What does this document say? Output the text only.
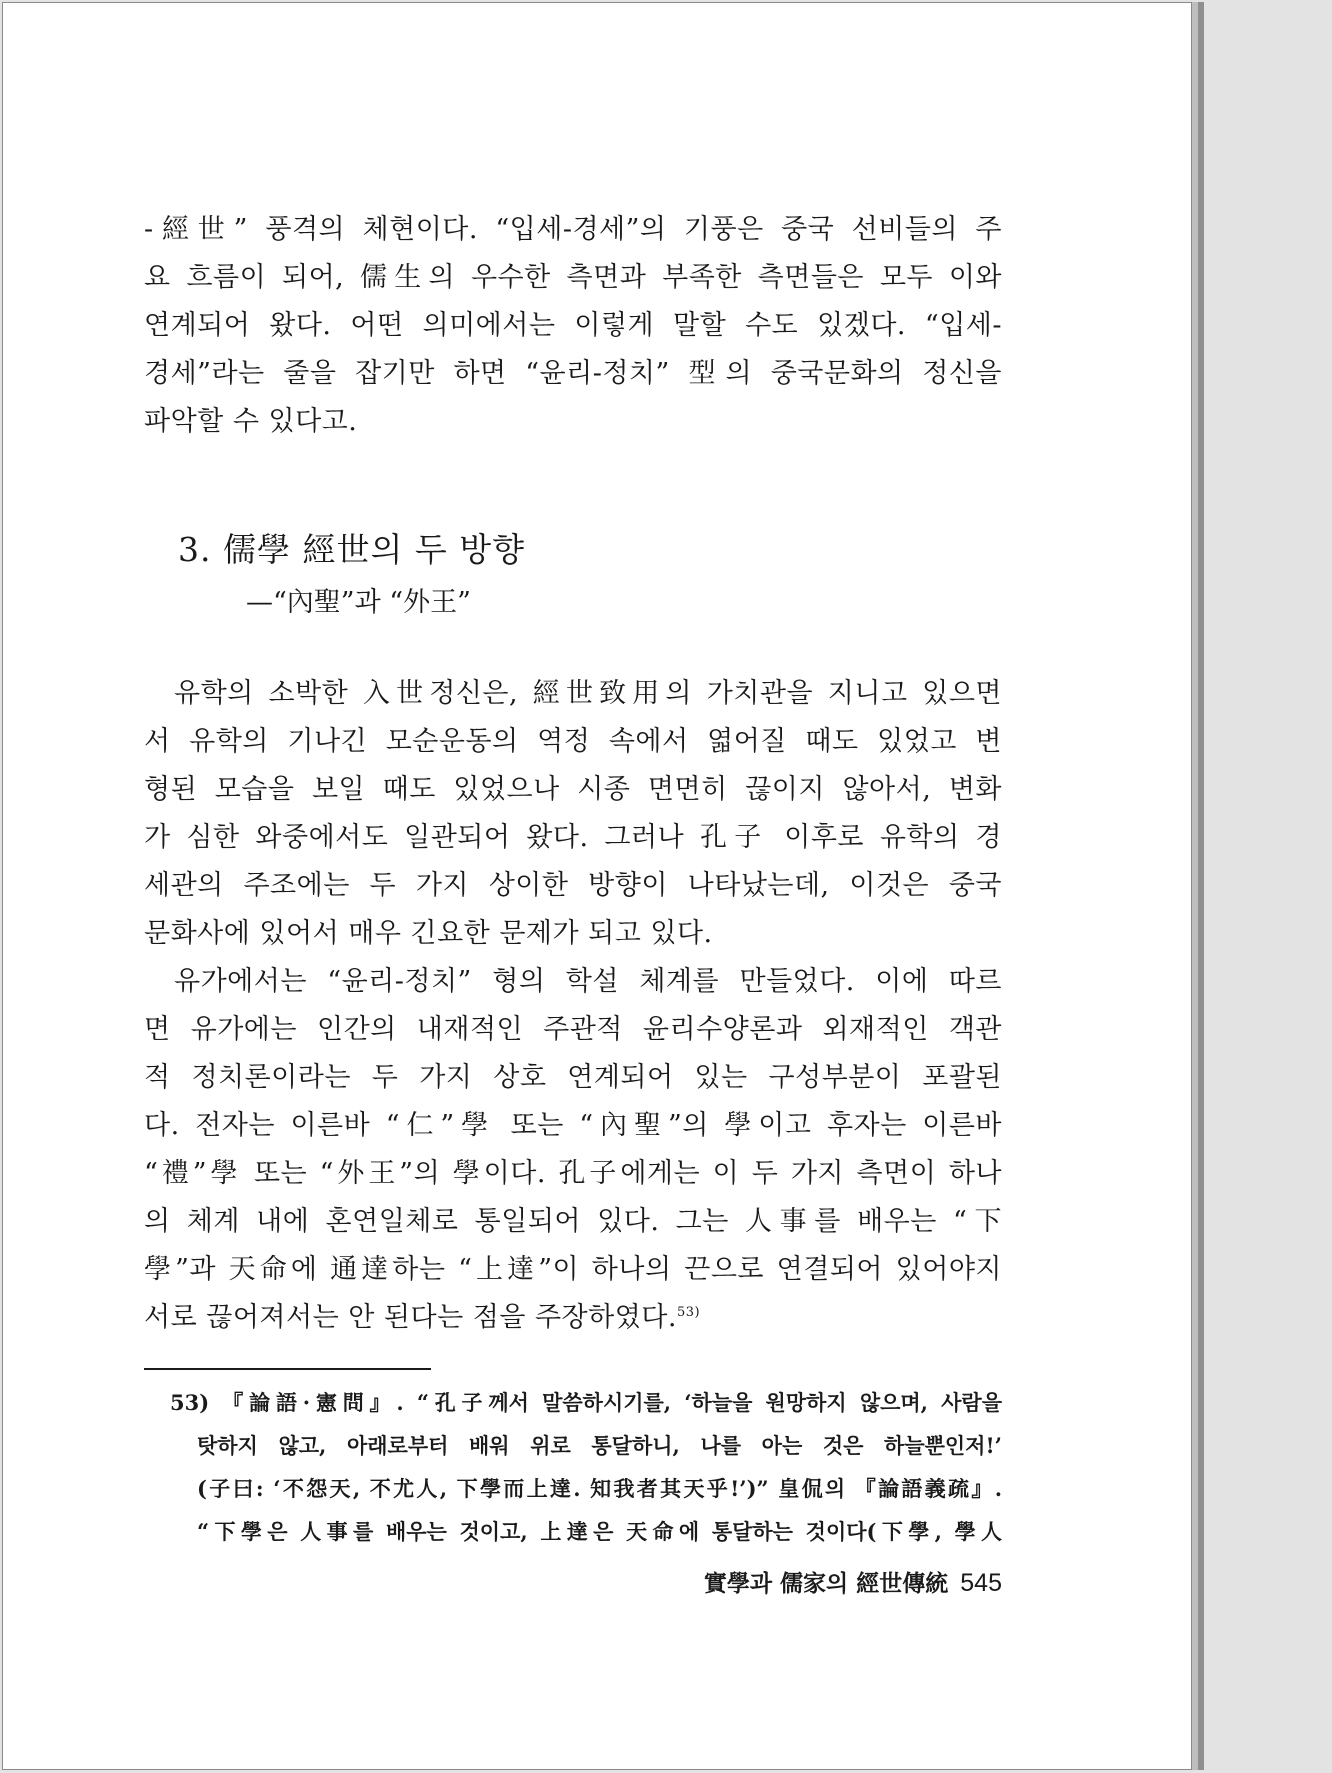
-經世” 풍격의 체현이다. “입세-경세”의 기풍은 중국 선비들의 주
요 흐름이 되어, 儒生의 우수한 측면과 부족한 측면들은 모두 이와
연계되어 왔다. 어떤 의미에서는 이렇게 말할 수도 있겠다. “입세-
경세”라는 줄을 잡기만 하면 “윤리-정치” 型의 중국문화의 정신을
파악할 수 있다고.
3. 儒學 經世의 두 방향
—“內聖”과 “外王”
유학의 소박한 入世정신은, 經世致用의 가치관을 지니고 있으면
서 유학의 기나긴 모순운동의 역정 속에서 엷어질 때도 있었고 변
형된 모습을 보일 때도 있었으나 시종 면면히 끊이지 않아서, 변화
가 심한 와중에서도 일관되어 왔다. 그러나 孔子 이후로 유학의 경
세관의 주조에는 두 가지 상이한 방향이 나타났는데, 이것은 중국
문화사에 있어서 매우 긴요한 문제가 되고 있다.
유가에서는 “윤리-정치” 형의 학설 체계를 만들었다. 이에 따르
면 유가에는 인간의 내재적인 주관적 윤리수양론과 외재적인 객관
적 정치론이라는 두 가지 상호 연계되어 있는 구성부분이 포괄된
다. 전자는 이른바 “仁”學 또는 “內聖”의 學이고 후자는 이른바
“禮”學 또는 “外王”의 學이다. 孔子에게는 이 두 가지 측면이 하나
의 체계 내에 혼연일체로 통일되어 있다. 그는 人事를 배우는 “下
學”과 天命에 通達하는 “上達”이 하나의 끈으로 연결되어 있어야지
서로 끊어져서는 안 된다는 점을 주장하였다.$^{53)}$
53) 『論語·憲問』. “孔子께서 말씀하시기를, ‘하늘을 원망하지 않으며, 사람을
탓하지 않고, 아래로부터 배워 위로 통달하니, 나를 아는 것은 하늘뿐인저!’
(子曰: ‘不怨天, 不尤人, 下學而上達. 知我者其天乎!’)” 皇侃의 『論語義疏』.
“下學은 人事를 배우는 것이고, 上達은 天命에 통달하는 것이다(下學, 學人
實學과 儒家의 經世傳統 545
